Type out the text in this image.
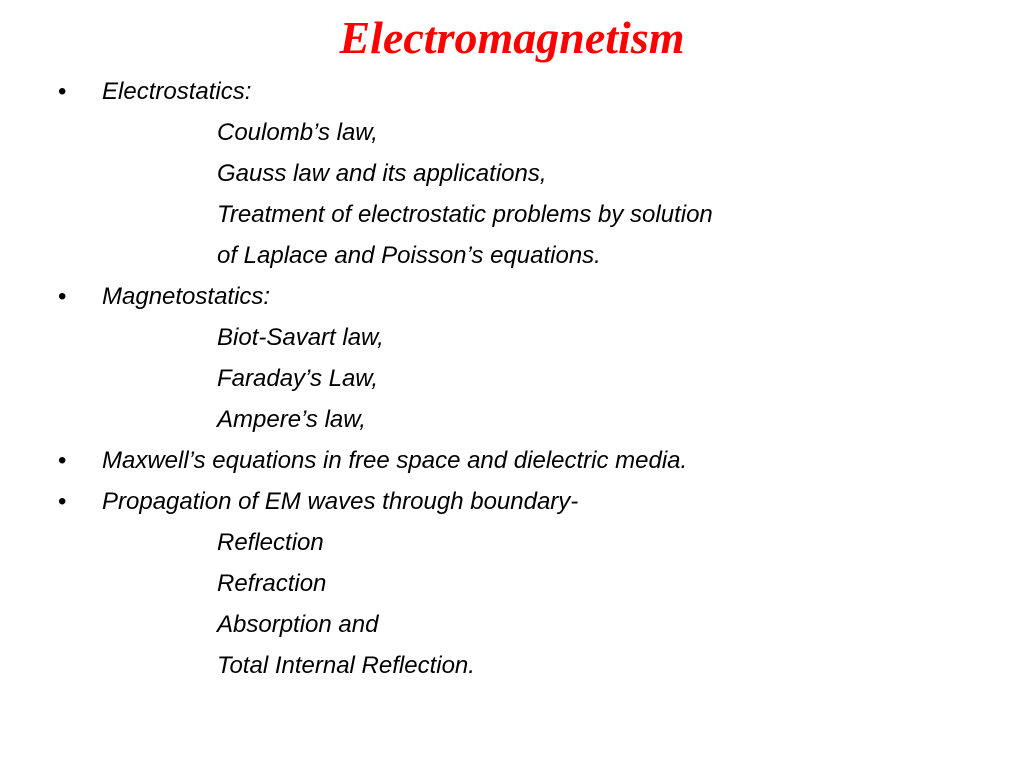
Electromagnetism
• Electrostatics:
Coulomb’s law,
Gauss law and its applications,
Treatment of electrostatic problems by solution
of Laplace and Poisson’s equations.
• Magnetostatics:
Biot-Savart law,
Faraday’s Law,
Ampere’s law,
• Maxwell’s equations in free space and dielectric media.
• Propagation of EM waves through boundary-
Reflection
Refraction
Absorption and
Total Internal Reflection.
